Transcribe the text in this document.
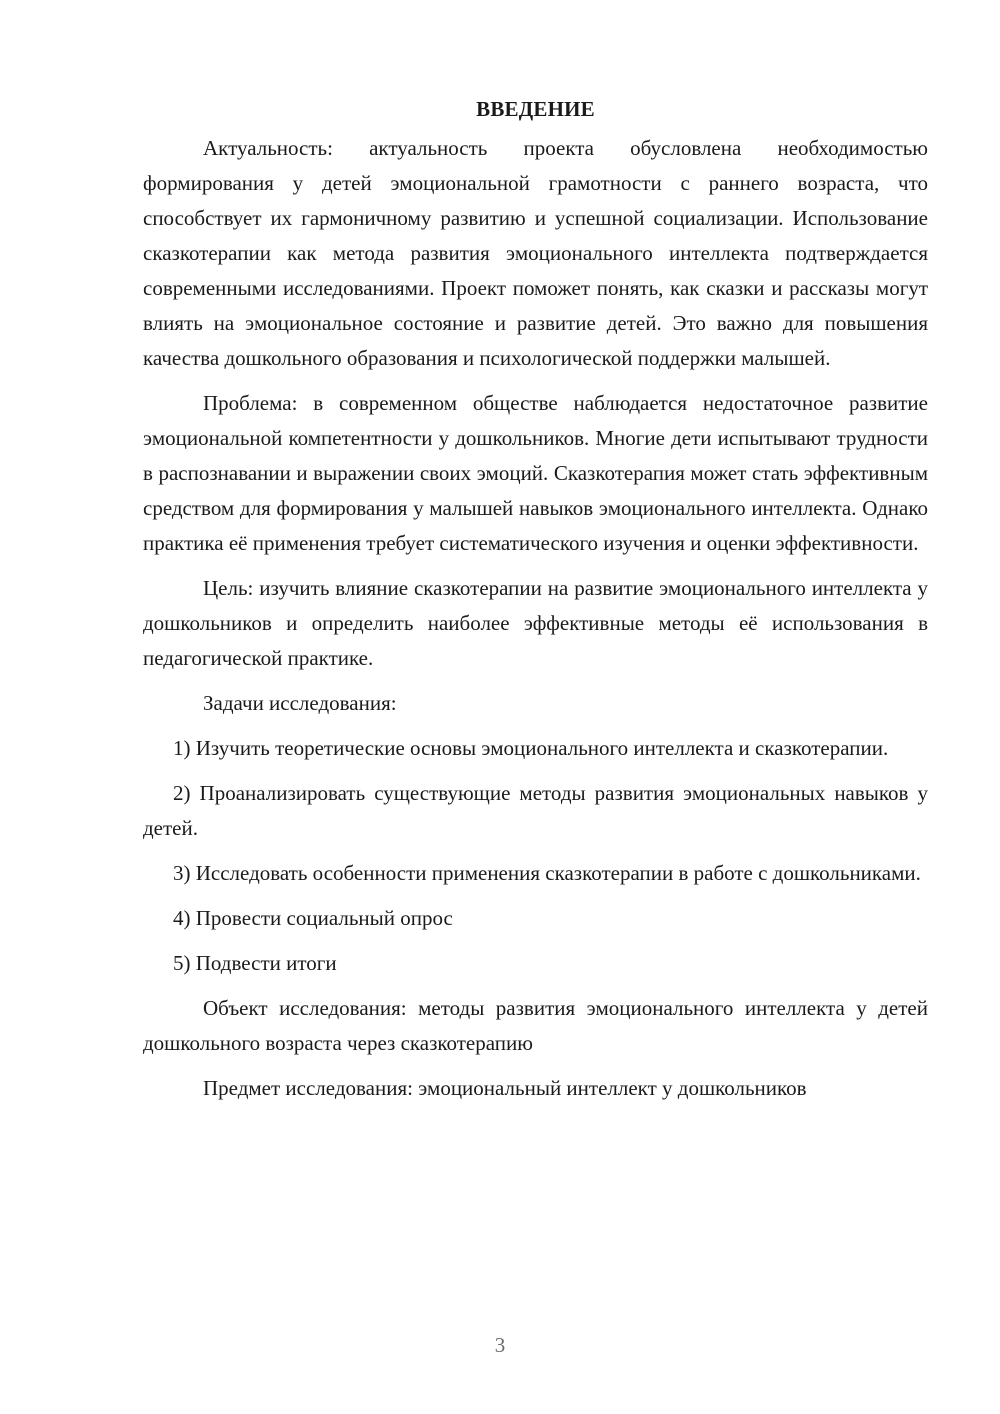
ВВЕДЕНИЕ

Актуальность: актуальность проекта обусловлена необходимостью формирования у детей эмоциональной грамотности с раннего возраста, что способствует их гармоничному развитию и успешной социализации. Использование сказкотерапии как метода развития эмоционального интеллекта подтверждается современными исследованиями. Проект поможет понять, как сказки и рассказы могут влиять на эмоциональное состояние и развитие детей. Это важно для повышения качества дошкольного образования и психологической поддержки малышей.

Проблема: в современном обществе наблюдается недостаточное развитие эмоциональной компетентности у дошкольников. Многие дети испытывают трудности в распознавании и выражении своих эмоций. Сказкотерапия может стать эффективным средством для формирования у малышей навыков эмоционального интеллекта. Однако практика её применения требует систематического изучения и оценки эффективности.

Цель: изучить влияние сказкотерапии на развитие эмоционального интеллекта у дошкольников и определить наиболее эффективные методы её использования в педагогической практике.

Задачи исследования:

1) Изучить теоретические основы эмоционального интеллекта и сказкотерапии.

2) Проанализировать существующие методы развития эмоциональных навыков у детей.

3) Исследовать особенности применения сказкотерапии в работе с дошкольниками.

4) Провести социальный опрос

5) Подвести итоги

Объект исследования: методы развития эмоционального интеллекта у детей дошкольного возраста через сказкотерапию

Предмет исследования: эмоциональный интеллект у дошкольников

3
